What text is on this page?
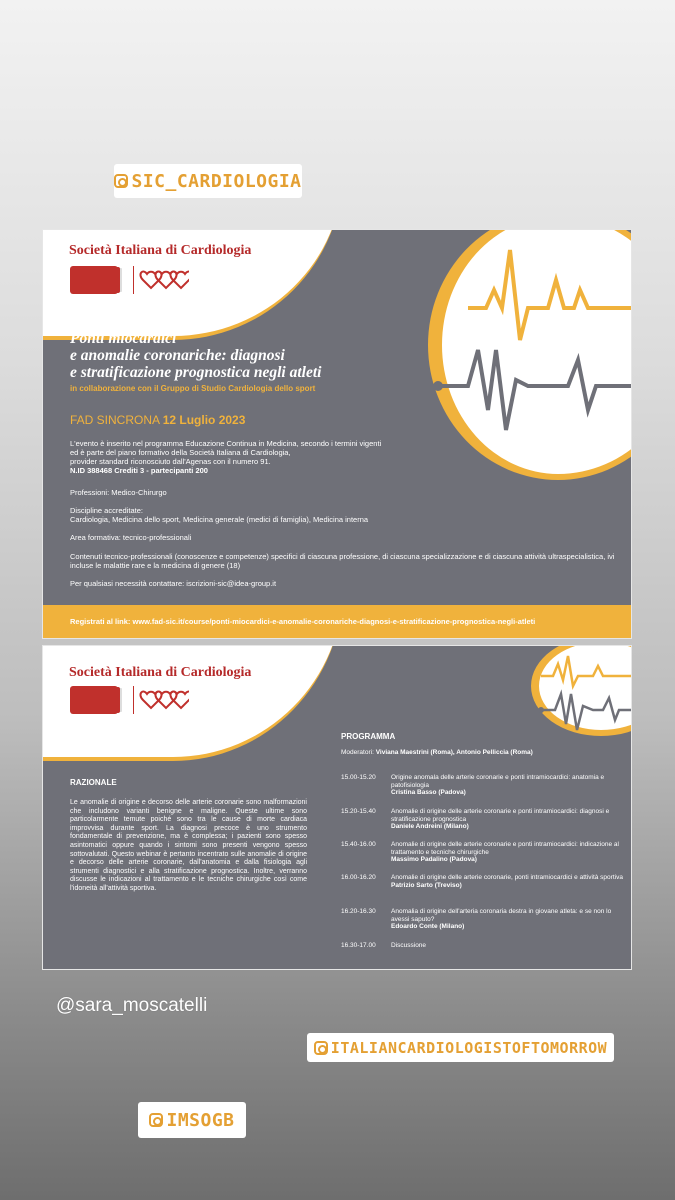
SIC_CARDIOLOGIA
Società Italiana di Cardiologia
Ponti miocardici
e anomalie coronariche: diagnosi
e stratificazione prognostica negli atleti
in collaborazione con il Gruppo di Studio Cardiologia dello sport
FAD SINCRONA 12 Luglio 2023
L'evento è inserito nel programma Educazione Continua in Medicina, secondo i termini vigenti
ed è parte del piano formativo della Società Italiana di Cardiologia,
provider standard riconosciuto dall'Agenas con il numero 91.
N.ID 388468 Crediti 3 - partecipanti 200
Professioni: Medico-Chirurgo
Discipline accreditate:
Cardiologia, Medicina dello sport, Medicina generale (medici di famiglia), Medicina interna
Area formativa: tecnico-professionali
Contenuti tecnico-professionali (conoscenze e competenze) specifici di ciascuna professione, di ciascuna specializzazione e di ciascuna attività ultraspecialistica, ivi incluse le malattie rare e la medicina di genere (18)
Per qualsiasi necessità contattare: iscrizioni-sic@idea-group.it
Registrati al link: www.fad-sic.it/course/ponti-miocardici-e-anomalie-coronariche-diagnosi-e-stratificazione-prognostica-negli-atleti
Società Italiana di Cardiologia
RAZIONALE
Le anomalie di origine e decorso delle arterie coronarie sono malformazioni che includono varianti benigne e maligne. Queste ultime sono particolarmente temute poiché sono tra le cause di morte cardiaca improvvisa durante sport. La diagnosi precoce è uno strumento fondamentale di prevenzione, ma è complessa; i pazienti sono spesso asintomatici oppure quando i sintomi sono presenti vengono spesso sottovalutati. Questo webinar è pertanto incentrato sulle anomalie di origine e decorso delle arterie coronarie, dall'anatomia e dalla fisiologia agli strumenti diagnostici e alla stratificazione prognostica. Inoltre, verranno discusse le indicazioni al trattamento e le tecniche chirurgiche così come l'idoneità all'attività sportiva.
PROGRAMMA
Moderatori: Viviana Maestrini (Roma), Antonio Pelliccia (Roma)
15.00-15.20	Origine anomala delle arterie coronarie e ponti intramiocardici: anatomia e patofisiologia
Cristina Basso (Padova)
15.20-15.40	Anomalie di origine delle arterie coronarie e ponti intramiocardici: diagnosi e stratificazione prognostica
Daniele Andreini (Milano)
15.40-16.00	Anomalie di origine delle arterie coronarie e ponti intramiocardici: indicazione al trattamento e tecniche chirurgiche
Massimo Padalino (Padova)
16.00-16.20	Anomalie di origine delle arterie coronarie, ponti intramiocardici e attività sportiva
Patrizio Sarto (Treviso)
16.20-16.30	Anomalia di origine dell'arteria coronaria destra in giovane atleta: e se non lo avessi saputo?
Edoardo Conte (Milano)
16.30-17.00	Discussione
@sara_moscatelli
ITALIANCARDIOLOGISTOFTOMORROW
IMSOGB
